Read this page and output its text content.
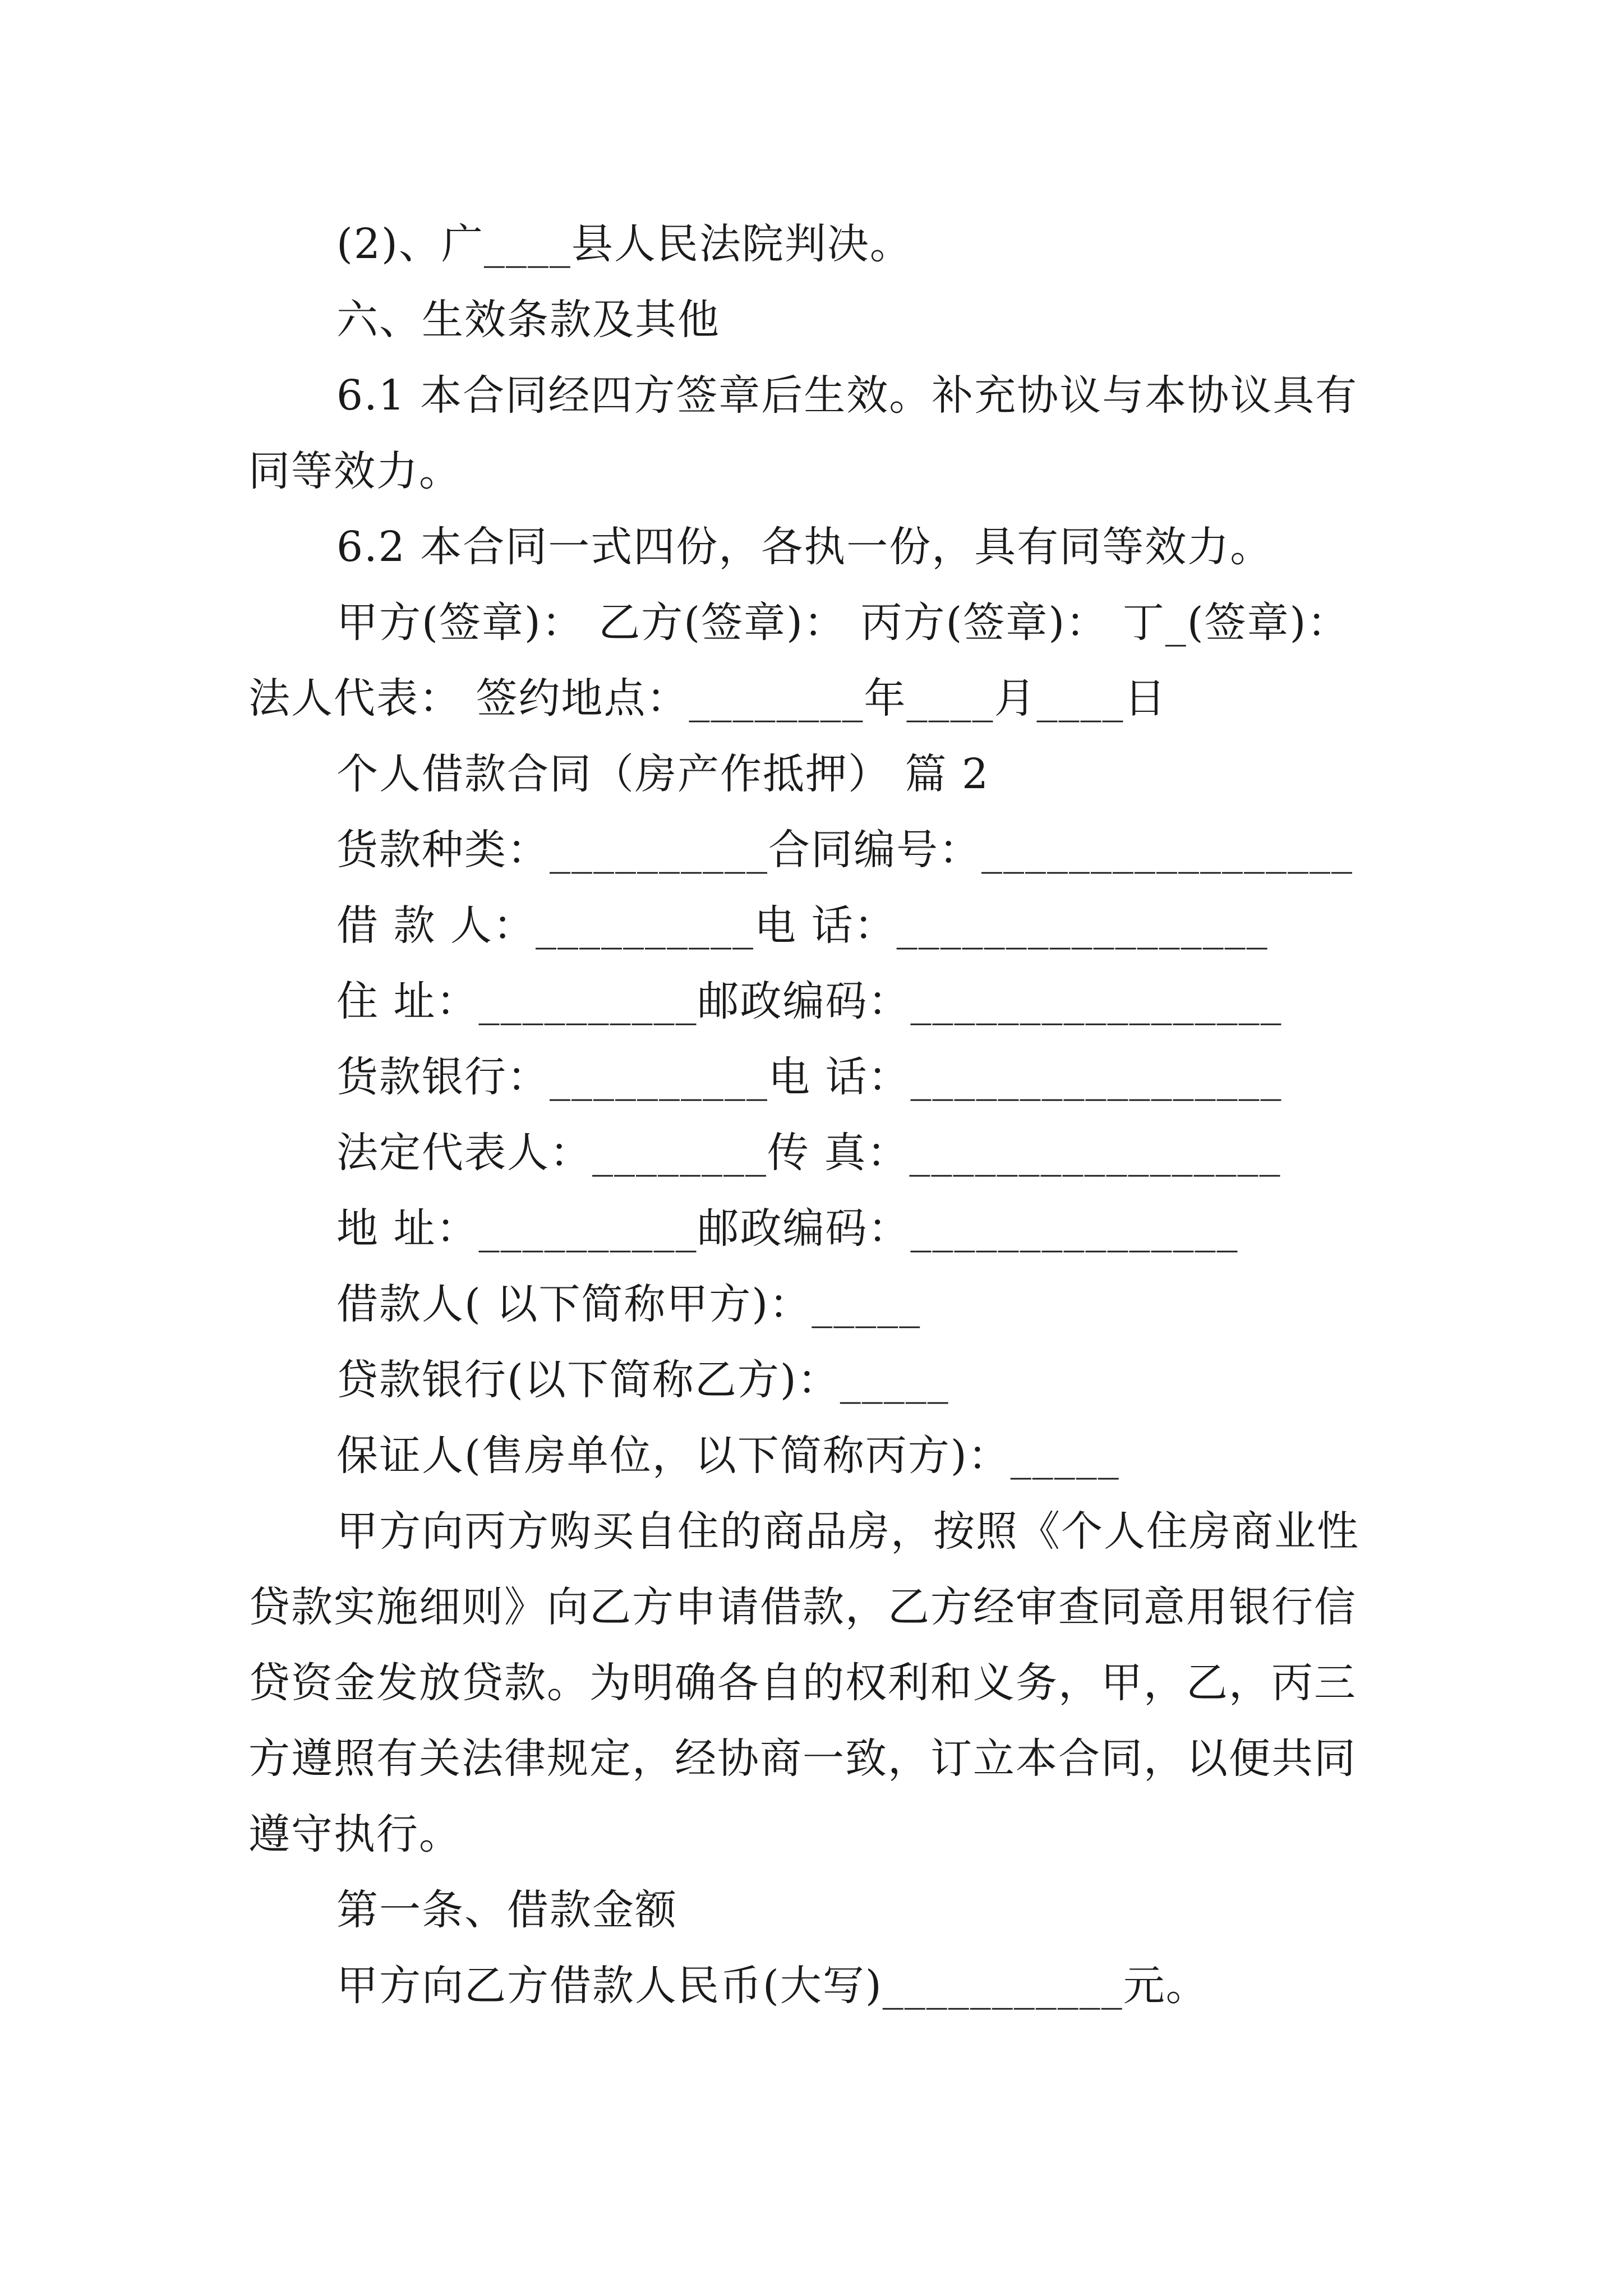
(2)、广____县人民法院判决。
六、生效条款及其他
6.1 本合同经四方签章后生效。补充协议与本协议具有
同等效力。
6.2 本合同一式四份，各执一份，具有同等效力。
甲方(签章)： 乙方(签章)： 丙方(签章)： 丁_(签章)：
法人代表： 签约地点：________年____月____日
个人借款合同（房产作抵押） 篇 2
货款种类：__________合同编号：_________________
借 款 人：__________电 话：_________________
住 址：__________邮政编码：_________________
货款银行：__________电 话：_________________
法定代表人：________传 真：_________________
地 址：__________邮政编码：_______________
借款人( 以下简称甲方)：_____
贷款银行(以下简称乙方)：_____
保证人(售房单位，以下简称丙方)：_____
甲方向丙方购买自住的商品房，按照《个人住房商业性
贷款实施细则》向乙方申请借款，乙方经审查同意用银行信
贷资金发放贷款。为明确各自的权利和义务，甲，乙，丙三
方遵照有关法律规定，经协商一致，订立本合同，以便共同
遵守执行。
第一条、借款金额
甲方向乙方借款人民币(大写)___________元。
